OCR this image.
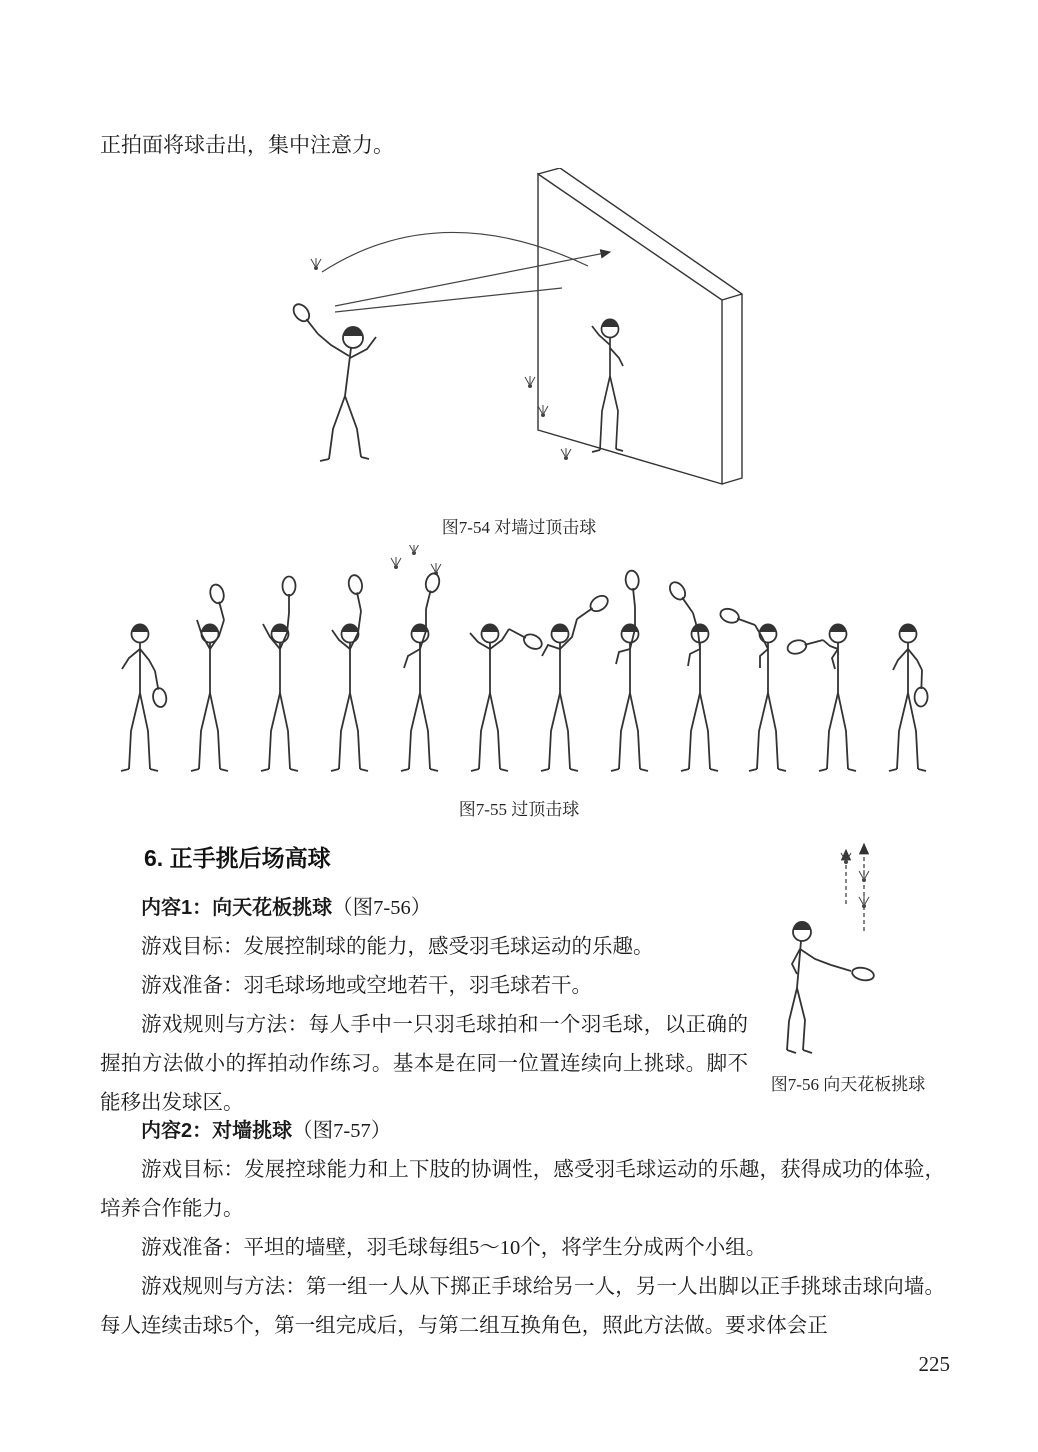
正拍面将球击出，集中注意力。

图7-54 对墙过顶击球

图7-55 过顶击球

6. 正手挑后场高球

内容1：向天花板挑球（图7-56）

游戏目标：发展控制球的能力，感受羽毛球运动的乐趣。

游戏准备：羽毛球场地或空地若干，羽毛球若干。

游戏规则与方法：每人手中一只羽毛球拍和一个羽毛球，以正确的握拍方法做小的挥拍动作练习。基本是在同一位置连续向上挑球。脚不能移出发球区。

图7-56 向天花板挑球

内容2：对墙挑球（图7-57）

游戏目标：发展控球能力和上下肢的协调性，感受羽毛球运动的乐趣，获得成功的体验，培养合作能力。

游戏准备：平坦的墙壁，羽毛球每组5～10个，将学生分成两个小组。

游戏规则与方法：第一组一人从下掷正手球给另一人，另一人出脚以正手挑球击球向墙。每人连续击球5个，第一组完成后，与第二组互换角色，照此方法做。要求体会正

225
